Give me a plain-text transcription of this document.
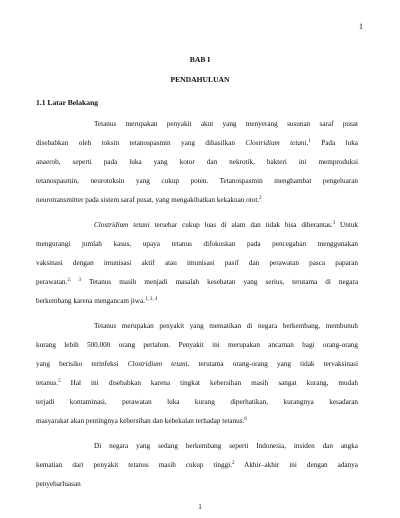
1
BAB I
PENDAHULUAN
1.1 Latar Belakang
Tetanus merupakan penyakit akut yang menyerang susunan saraf pusat
disebabkan oleh toksin tetanospasmin yang dihasilkan Clostridium tetani.$^1$ Pada luka
anaerob, seperti pada luka yang kotor dan nekrotik, bakteri ini memproduksi
tetanospasmin, neurotoksin yang cukup poten. Tetanospasmin menghambat pengeluaran
neurotransmitter pada sistem saraf pusat, yang mengakibatkan kekakuan otot.$^2$
Clostridium tetani tersebar cukup luas di alam dan tidak bisa diberantas.$^3$ Untuk
mengurangi jumlah kasus, upaya tetanus difokuskan pada pencegahan menggunakan
vaksinasi dengan imunisasi aktif atau imunisasi pasif dan perawatan pasca paparan
perawatan.$^{2, 3}$ Tetanus masih menjadi masalah kesehatan yang serius, terutama di negara
berkembang karena mengancam jiwa.$^{1, 2, 4}$
Tetanus merupakan penyakit yang mematikan di negara berkembang, membunuh
kurang lebih 500.000 orang pertahun. Penyakit ini merupakan ancaman bagi orang-orang
yang berisiko terinfeksi Clostridium tetani, terutama orang-orang yang tidak tervaksinasi
tetanus.$^5$ Hal ini disebabkan karena tingkat kebersihan masih sangat kurang, mudah
terjadi kontaminasi, perawatan luka kurang diperhatikan, kurangnya kesadaran
masyarakat akan pentingnya kebersihan dan kebekalan terhadap tetanus.$^6$
Di negara yang sedang berkembang seperti Indonesia, insiden dan angka
kematian dari penyakit tetanus masih cukup tinggi.$^2$ Akhir–akhir ini dengan adanya
penyebarluasan
1
